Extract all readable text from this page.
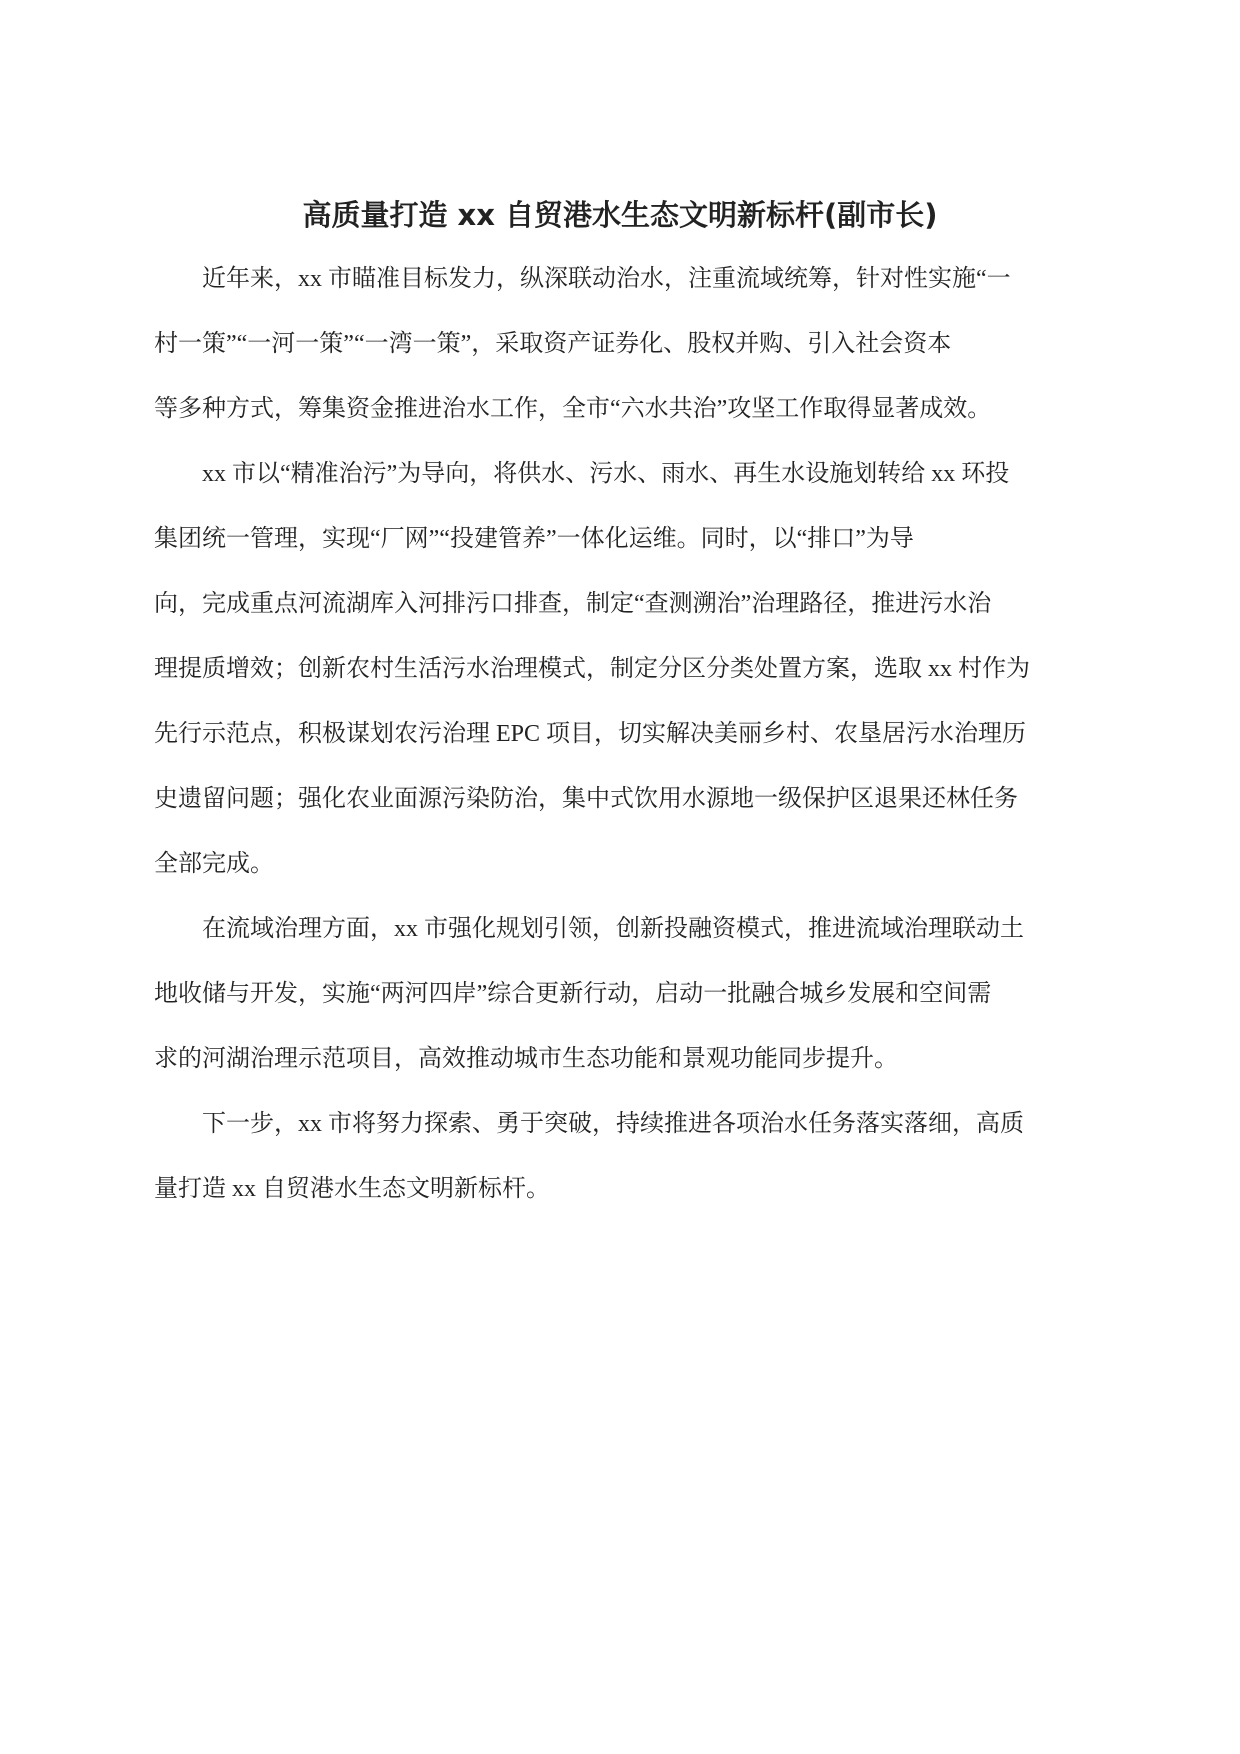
高质量打造 xx 自贸港水生态文明新标杆(副市长)

近年来，xx 市瞄准目标发力，纵深联动治水，注重流域统筹，针对性实施“一
村一策”“一河一策”“一湾一策”，采取资产证券化、股权并购、引入社会资本
等多种方式，筹集资金推进治水工作，全市“六水共治”攻坚工作取得显著成效。

xx 市以“精准治污”为导向，将供水、污水、雨水、再生水设施划转给 xx 环投
集团统一管理，实现“厂网”“投建管养”一体化运维。同时，以“排口”为导
向，完成重点河流湖库入河排污口排查，制定“查测溯治”治理路径，推进污水治
理提质增效；创新农村生活污水治理模式，制定分区分类处置方案，选取 xx 村作为
先行示范点，积极谋划农污治理 EPC 项目，切实解决美丽乡村、农垦居污水治理历
史遗留问题；强化农业面源污染防治，集中式饮用水源地一级保护区退果还林任务
全部完成。

在流域治理方面，xx 市强化规划引领，创新投融资模式，推进流域治理联动土
地收储与开发，实施“两河四岸”综合更新行动，启动一批融合城乡发展和空间需
求的河湖治理示范项目，高效推动城市生态功能和景观功能同步提升。

下一步，xx 市将努力探索、勇于突破，持续推进各项治水任务落实落细，高质
量打造 xx 自贸港水生态文明新标杆。
